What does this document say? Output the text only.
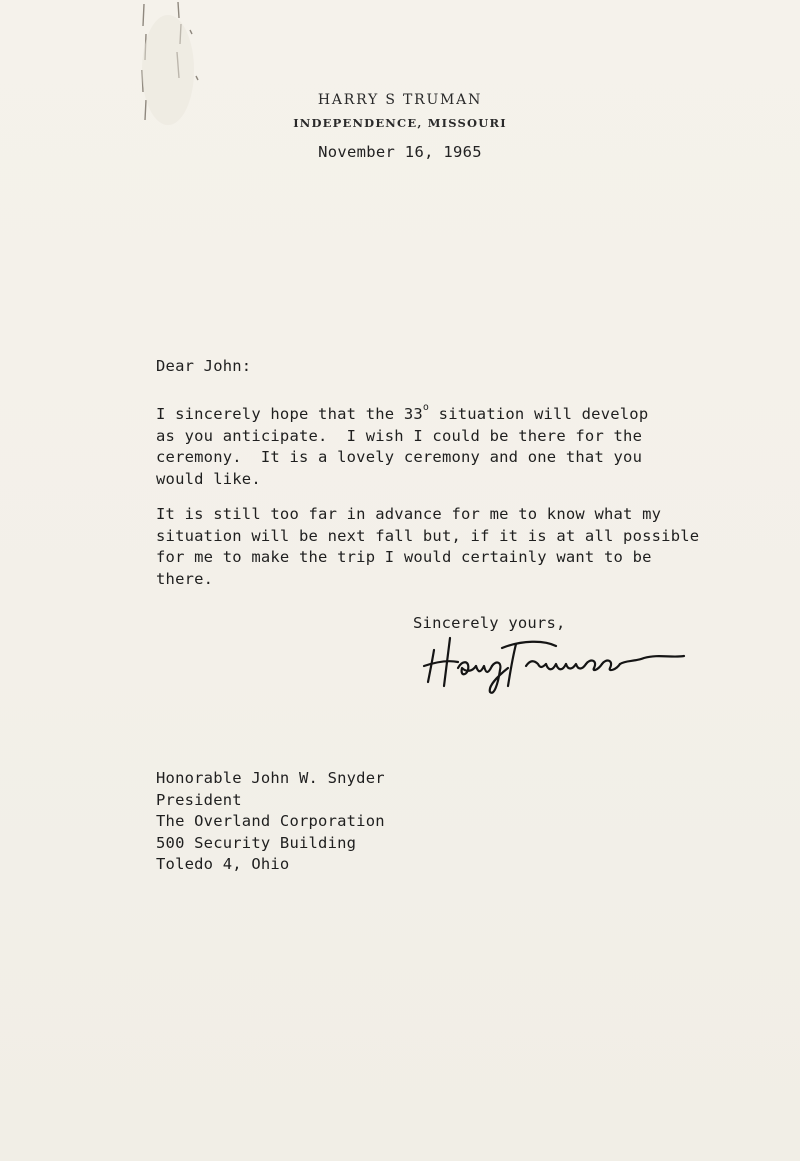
HARRY S TRUMAN
INDEPENDENCE, MISSOURI
November 16, 1965
Dear John:
I sincerely hope that the 33$^o$ situation will develop
as you anticipate.  I wish I could be there for the
ceremony.  It is a lovely ceremony and one that you
would like.
It is still too far in advance for me to know what my
situation will be next fall but, if it is at all possible
for me to make the trip I would certainly want to be
there.
Sincerely yours,
Honorable John W. Snyder
President
The Overland Corporation
500 Security Building
Toledo 4, Ohio
